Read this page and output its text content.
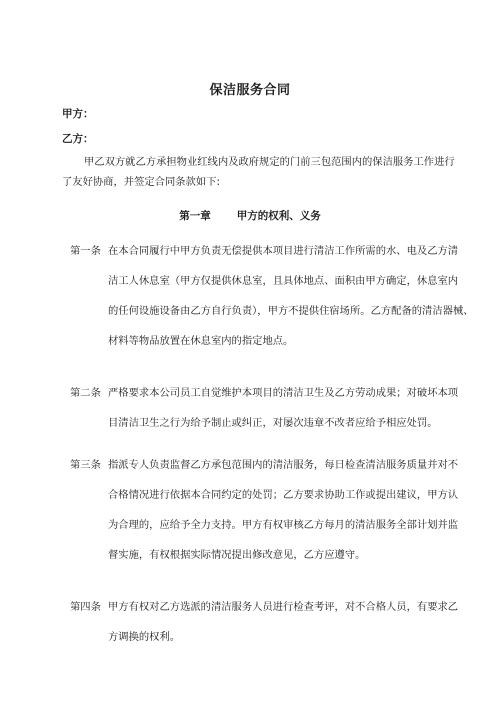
保洁服务合同
甲方：
乙方：
甲乙双方就乙方承担物业红线内及政府规定的门前三包范围内的保洁服务工作进行
了友好协商，并签定合同条款如下:
第一章 甲方的权利、义务
第一条 在本合同履行中甲方负责无偿提供本项目进行清洁工作所需的水、电及乙方清
洁工人休息室（甲方仅提供休息室，且具体地点、面积由甲方确定，休息室内
的任何设施设备由乙方自行负责），甲方不提供住宿场所。乙方配备的清洁器械、
材料等物品放置在休息室内的指定地点。
第二条 严格要求本公司员工自觉维护本项目的清洁卫生及乙方劳动成果；对破坏本项
目清洁卫生之行为给予制止或纠正，对屡次违章不改者应给予相应处罚。
第三条 指派专人负责监督乙方承包范围内的清洁服务，每日检查清洁服务质量并对不
合格情况进行依据本合同约定的处罚；乙方要求协助工作或提出建议，甲方认
为合理的，应给予全力支持。甲方有权审核乙方每月的清洁服务全部计划并监
督实施，有权根据实际情况提出修改意见，乙方应遵守。
第四条 甲方有权对乙方选派的清洁服务人员进行检查考评，对不合格人员，有要求乙
方调换的权利。
